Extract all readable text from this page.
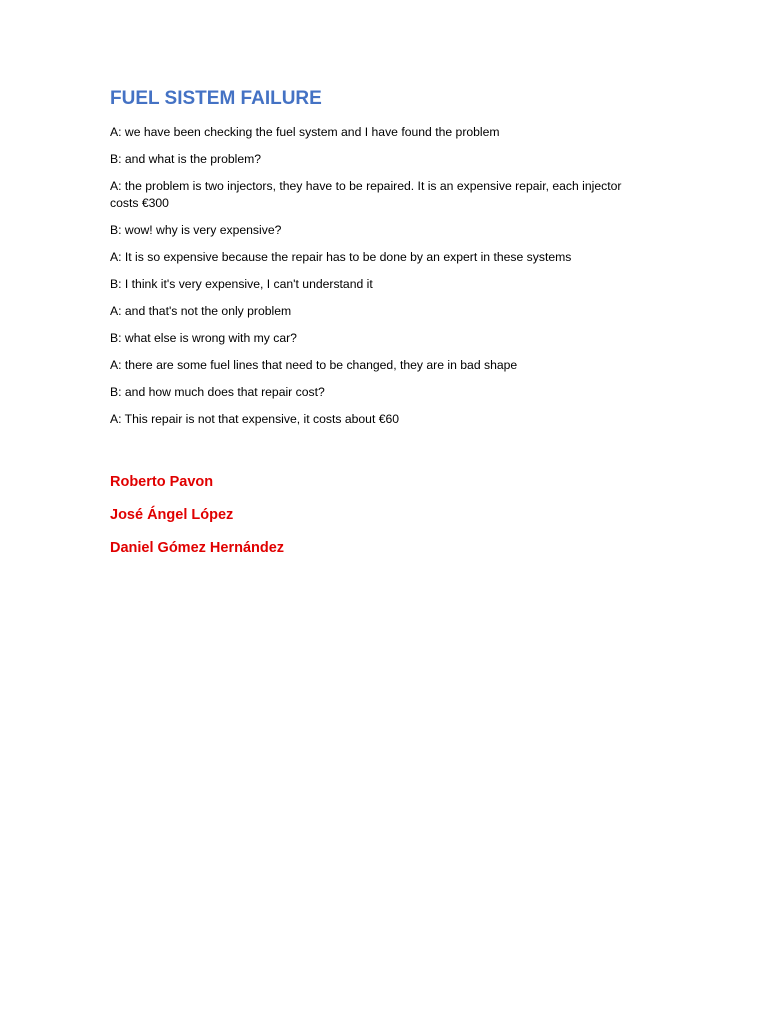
FUEL SISTEM FAILURE
A: we have been checking the fuel system and I have found the problem
B: and what is the problem?
A: the problem is two injectors, they have to be repaired. It is an expensive repair, each injector costs €300
B: wow! why is very expensive?
A: It is so expensive because the repair has to be done by an expert in these systems
B: I think it's very expensive, I can't understand it
A: and that's not the only problem
B: what else is wrong with my car?
A: there are some fuel lines that need to be changed, they are in bad shape
B: and how much does that repair cost?
A: This repair is not that expensive, it costs about €60
Roberto Pavon
José Ángel López
Daniel Gómez Hernández
